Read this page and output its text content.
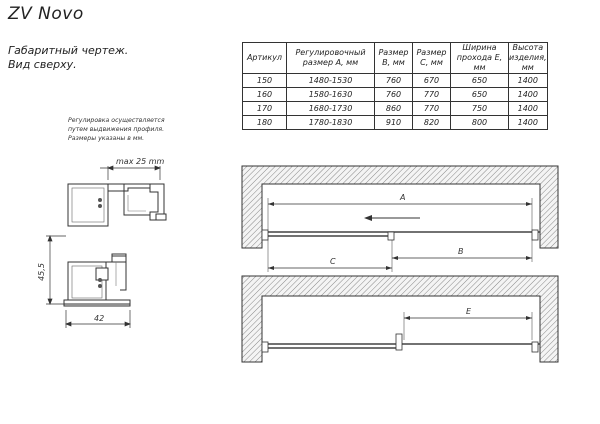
ZV Novo
Габаритный чертеж.
Вид сверху.
Регулировка осуществляется
путем выдвижения профиля.
Размеры указаны в мм.
Артикул	Регулировочный размер А, мм	Размер В, мм	Размер С, мм	Ширина прохода Е, мм	Высота изделия, мм
150	1480-1530	760	670	650	1400
160	1580-1630	760	770	650	1400
170	1680-1730	860	770	750	1400
180	1780-1830	910	820	800	1400
max 25 mm
45,5
42
A
C
B
E
